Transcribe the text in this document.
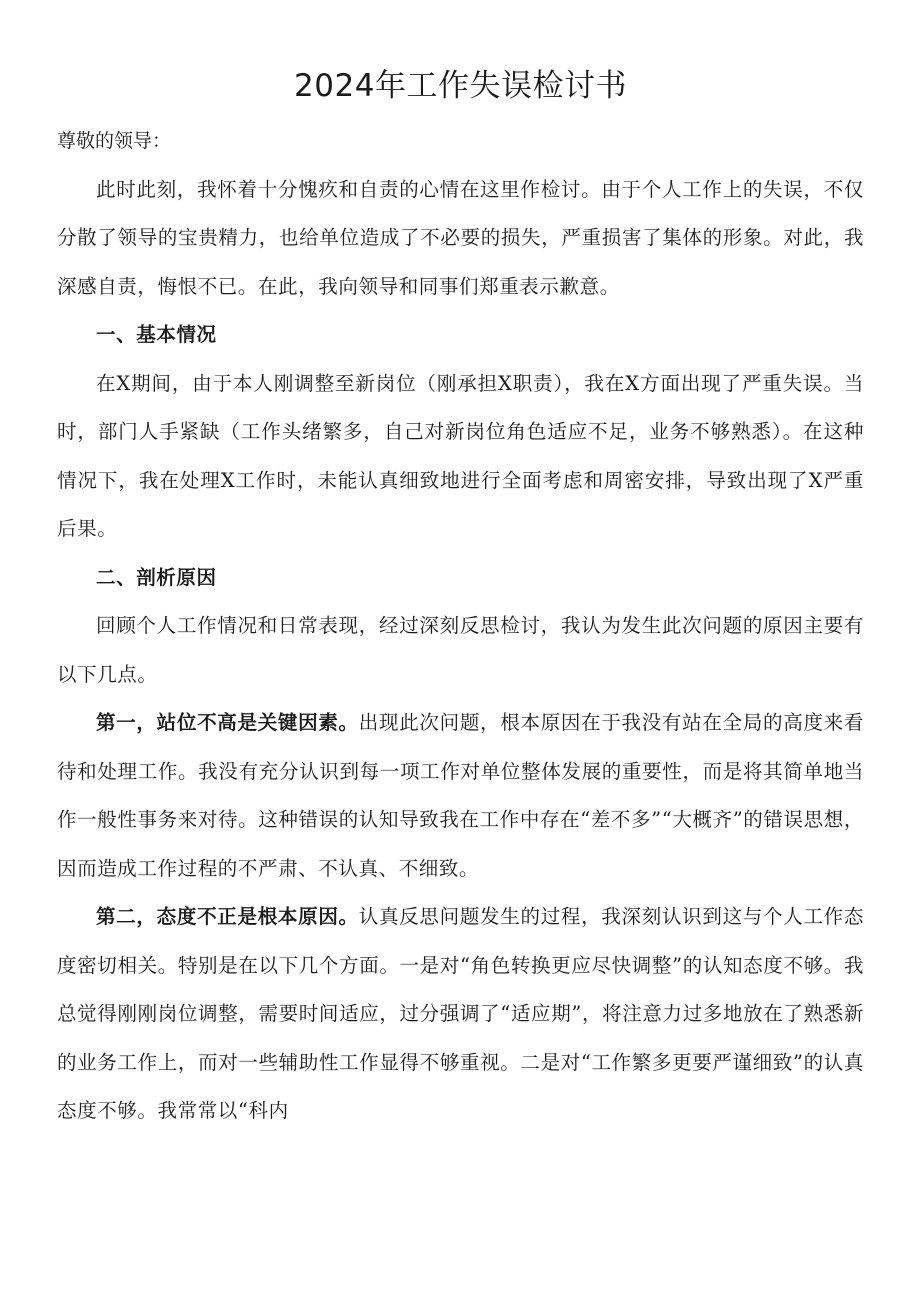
2024年工作失误检讨书

尊敬的领导：

此时此刻，我怀着十分愧疚和自责的心情在这里作检讨。由于个人工作上的失误，不仅分散了领导的宝贵精力，也给单位造成了不必要的损失，严重损害了集体的形象。对此，我深感自责，悔恨不已。在此，我向领导和同事们郑重表示歉意。

一、基本情况

在X期间，由于本人刚调整至新岗位（刚承担X职责），我在X方面出现了严重失误。当时，部门人手紧缺（工作头绪繁多，自己对新岗位角色适应不足，业务不够熟悉）。在这种情况下，我在处理X工作时，未能认真细致地进行全面考虑和周密安排，导致出现了X严重后果。

二、剖析原因

回顾个人工作情况和日常表现，经过深刻反思检讨，我认为发生此次问题的原因主要有以下几点。

第一，站位不高是关键因素。出现此次问题，根本原因在于我没有站在全局的高度来看待和处理工作。我没有充分认识到每一项工作对单位整体发展的重要性，而是将其简单地当作一般性事务来对待。这种错误的认知导致我在工作中存在“差不多”“大概齐”的错误思想，因而造成工作过程的不严肃、不认真、不细致。

第二，态度不正是根本原因。认真反思问题发生的过程，我深刻认识到这与个人工作态度密切相关。特别是在以下几个方面。一是对“角色转换更应尽快调整”的认知态度不够。我总觉得刚刚岗位调整，需要时间适应，过分强调了“适应期”，将注意力过多地放在了熟悉新的业务工作上，而对一些辅助性工作显得不够重视。二是对“工作繁多更要严谨细致”的认真态度不够。我常常以“科内
